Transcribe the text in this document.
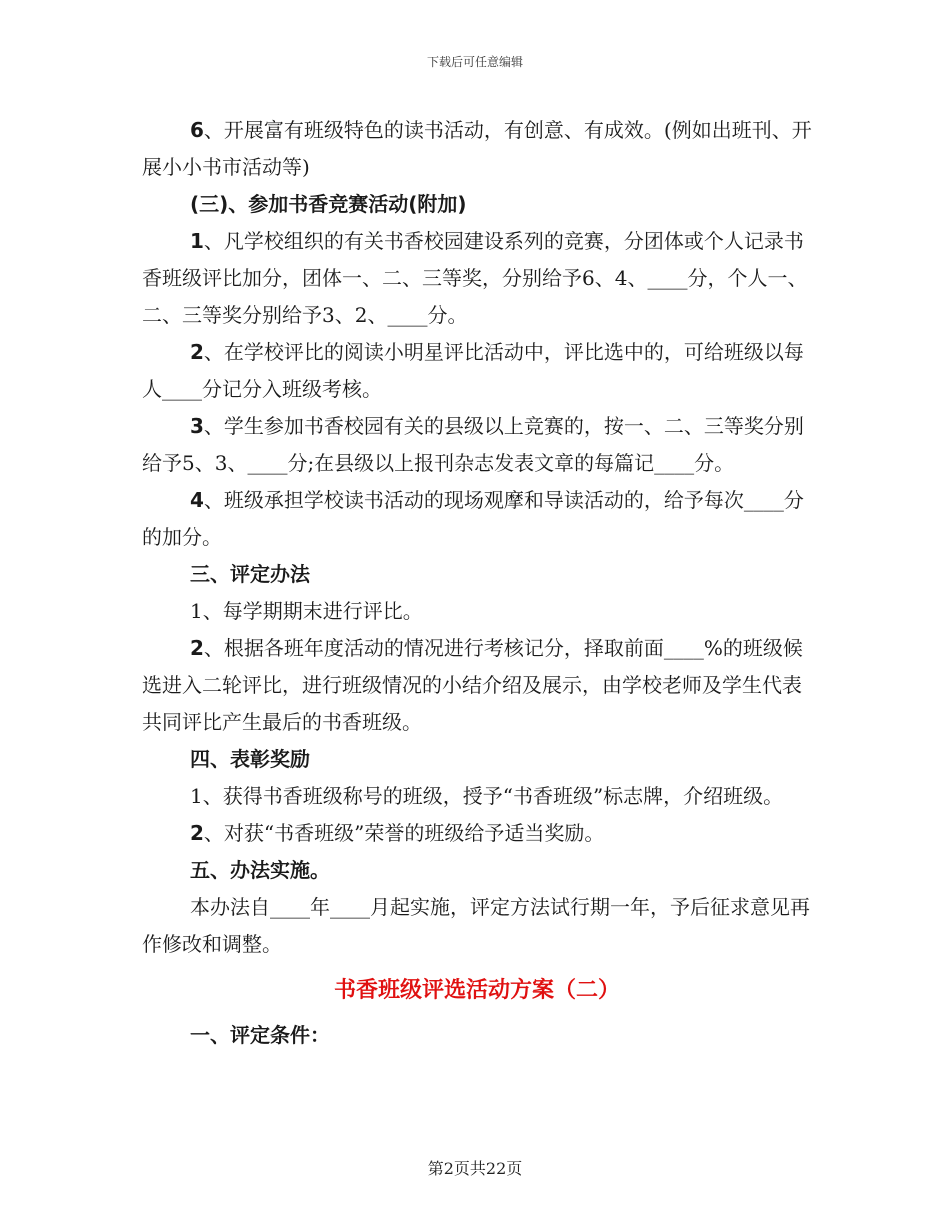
下载后可任意编辑

6、开展富有班级特色的读书活动，有创意、有成效。(例如出班刊、开展小小书市活动等)

(三)、参加书香竞赛活动(附加)

1、凡学校组织的有关书香校园建设系列的竞赛，分团体或个人记录书香班级评比加分，团体一、二、三等奖，分别给予6、4、____分，个人一、二、三等奖分别给予3、2、____分。

2、在学校评比的阅读小明星评比活动中，评比选中的，可给班级以每人____分记分入班级考核。

3、学生参加书香校园有关的县级以上竞赛的，按一、二、三等奖分别给予5、3、____分;在县级以上报刊杂志发表文章的每篇记____分。

4、班级承担学校读书活动的现场观摩和导读活动的，给予每次____分的加分。

三、评定办法

1、每学期期末进行评比。

2、根据各班年度活动的情况进行考核记分，择取前面____%的班级候选进入二轮评比，进行班级情况的小结介绍及展示，由学校老师及学生代表共同评比产生最后的书香班级。

四、表彰奖励

1、获得书香班级称号的班级，授予“书香班级”标志牌，介绍班级。

2、对获“书香班级”荣誉的班级给予适当奖励。

五、办法实施。

本办法自____年____月起实施，评定方法试行期一年，予后征求意见再作修改和调整。

书香班级评选活动方案（二）

一、评定条件：

第2页共22页
